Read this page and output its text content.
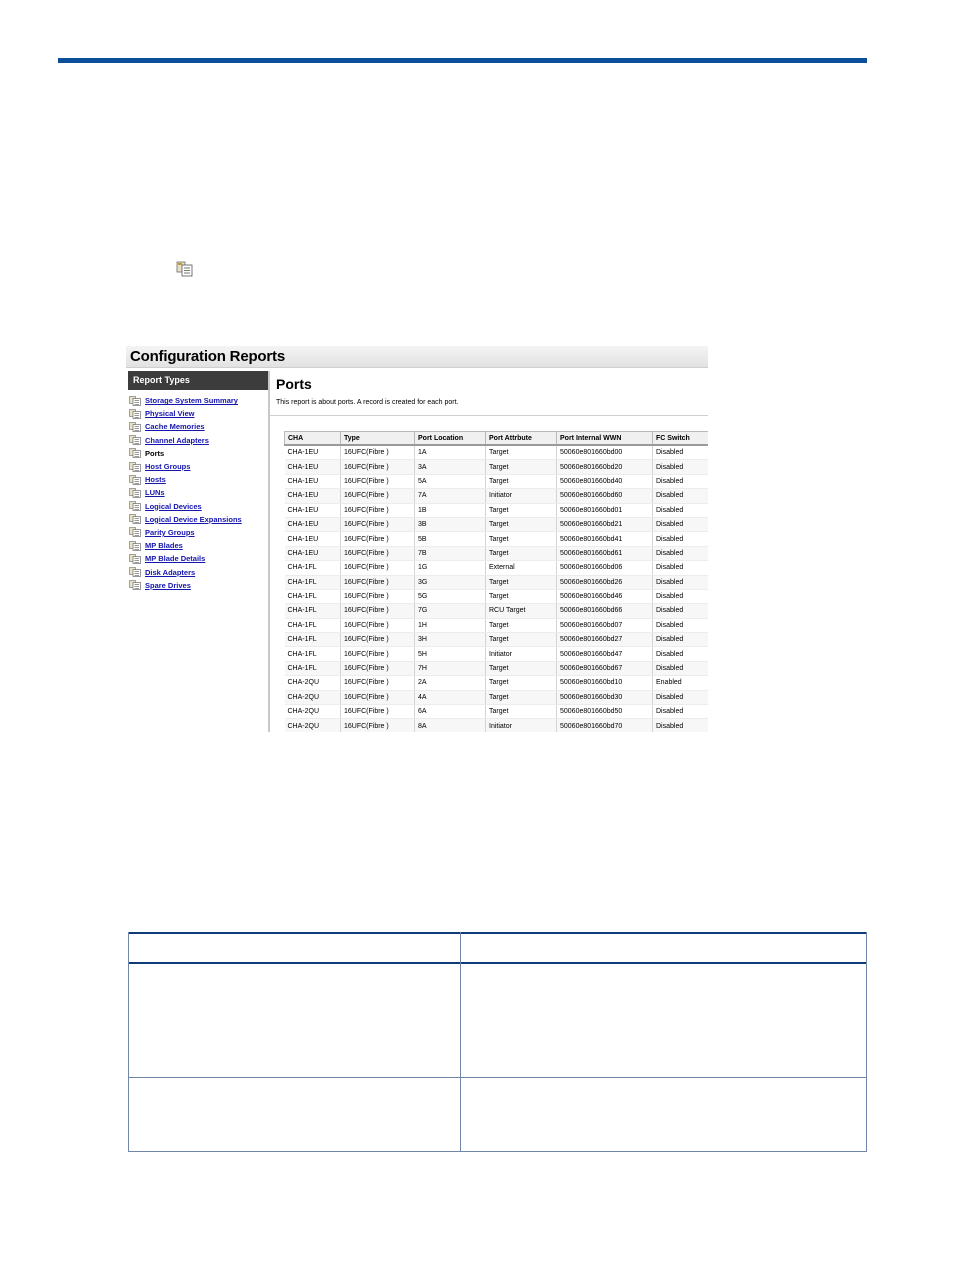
Configuration Reports
Report Types
Storage System Summary
Physical View
Cache Memories
Channel Adapters
Ports
Host Groups
Hosts
LUNs
Logical Devices
Logical Device Expansions
Parity Groups
MP Blades
MP Blade Details
Disk Adapters
Spare Drives
Ports
This report is about ports. A record is created for each port.
CHA	Type	Port Location	Port Attrbute	Port Internal WWN	FC Switch
CHA-1EU	16UFC(Fibre )	1A	Target	50060e801660bd00	Disabled
CHA-1EU	16UFC(Fibre )	3A	Target	50060e801660bd20	Disabled
CHA-1EU	16UFC(Fibre )	5A	Target	50060e801660bd40	Disabled
CHA-1EU	16UFC(Fibre )	7A	Initiator	50060e801660bd60	Disabled
CHA-1EU	16UFC(Fibre )	1B	Target	50060e801660bd01	Disabled
CHA-1EU	16UFC(Fibre )	3B	Target	50060e801660bd21	Disabled
CHA-1EU	16UFC(Fibre )	5B	Target	50060e801660bd41	Disabled
CHA-1EU	16UFC(Fibre )	7B	Target	50060e801660bd61	Disabled
CHA-1FL	16UFC(Fibre )	1G	External	50060e801660bd06	Disabled
CHA-1FL	16UFC(Fibre )	3G	Target	50060e801660bd26	Disabled
CHA-1FL	16UFC(Fibre )	5G	Target	50060e801660bd46	Disabled
CHA-1FL	16UFC(Fibre )	7G	RCU Target	50060e801660bd66	Disabled
CHA-1FL	16UFC(Fibre )	1H	Target	50060e801660bd07	Disabled
CHA-1FL	16UFC(Fibre )	3H	Target	50060e801660bd27	Disabled
CHA-1FL	16UFC(Fibre )	5H	Initiator	50060e801660bd47	Disabled
CHA-1FL	16UFC(Fibre )	7H	Target	50060e801660bd67	Disabled
CHA-2QU	16UFC(Fibre )	2A	Target	50060e801660bd10	Enabled
CHA-2QU	16UFC(Fibre )	4A	Target	50060e801660bd30	Disabled
CHA-2QU	16UFC(Fibre )	6A	Target	50060e801660bd50	Disabled
CHA-2QU	16UFC(Fibre )	8A	Initiator	50060e801660bd70	Disabled
